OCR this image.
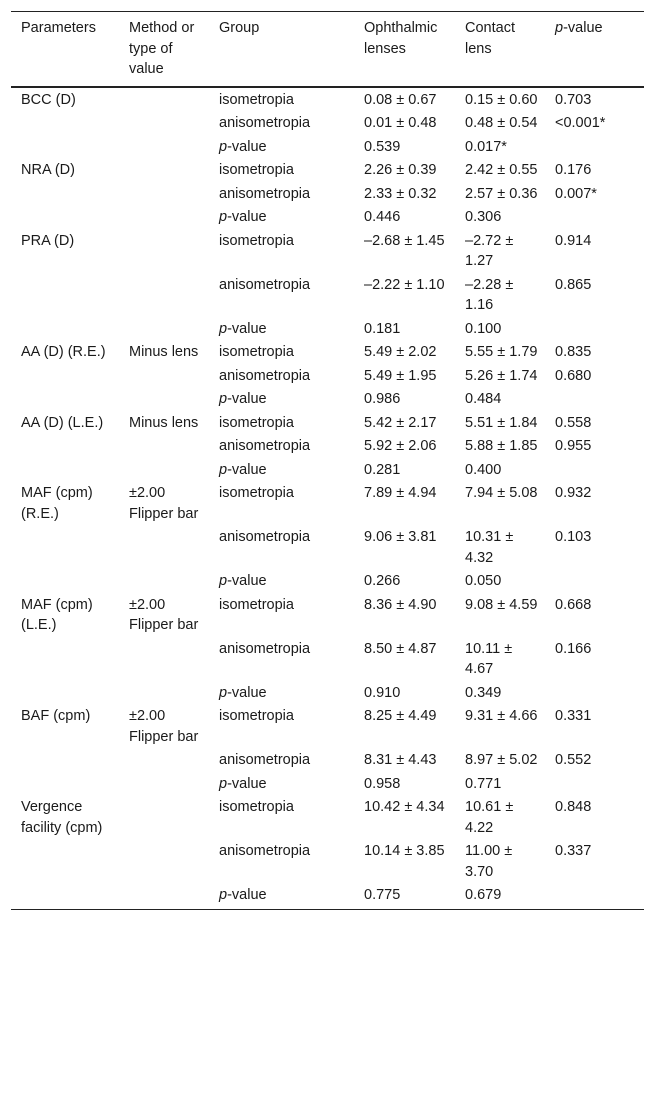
Parameters	Method or type of value	Group	Ophthalmic lenses	Contact lens	p-value
BCC (D)		isometropia	0.08 ± 0.67	0.15 ± 0.60	0.703
		anisometropia	0.01 ± 0.48	0.48 ± 0.54	<0.001*
		p-value	0.539	0.017*	
NRA (D)		isometropia	2.26 ± 0.39	2.42 ± 0.55	0.176
		anisometropia	2.33 ± 0.32	2.57 ± 0.36	0.007*
		p-value	0.446	0.306	
PRA (D)		isometropia	–2.68 ± 1.45	–2.72 ± 1.27	0.914
		anisometropia	–2.22 ± 1.10	–2.28 ± 1.16	0.865
		p-value	0.181	0.100	
AA (D) (R.E.)	Minus lens	isometropia	5.49 ± 2.02	5.55 ± 1.79	0.835
		anisometropia	5.49 ± 1.95	5.26 ± 1.74	0.680
		p-value	0.986	0.484	
AA (D) (L.E.)	Minus lens	isometropia	5.42 ± 2.17	5.51 ± 1.84	0.558
		anisometropia	5.92 ± 2.06	5.88 ± 1.85	0.955
		p-value	0.281	0.400	
MAF (cpm) (R.E.)	±2.00 Flipper bar	isometropia	7.89 ± 4.94	7.94 ± 5.08	0.932
		anisometropia	9.06 ± 3.81	10.31 ± 4.32	0.103
		p-value	0.266	0.050	
MAF (cpm) (L.E.)	±2.00 Flipper bar	isometropia	8.36 ± 4.90	9.08 ± 4.59	0.668
		anisometropia	8.50 ± 4.87	10.11 ± 4.67	0.166
		p-value	0.910	0.349	
BAF (cpm)	±2.00 Flipper bar	isometropia	8.25 ± 4.49	9.31 ± 4.66	0.331
		anisometropia	8.31 ± 4.43	8.97 ± 5.02	0.552
		p-value	0.958	0.771	
Vergence facility (cpm)		isometropia	10.42 ± 4.34	10.61 ± 4.22	0.848
		anisometropia	10.14 ± 3.85	11.00 ± 3.70	0.337
		p-value	0.775	0.679	
